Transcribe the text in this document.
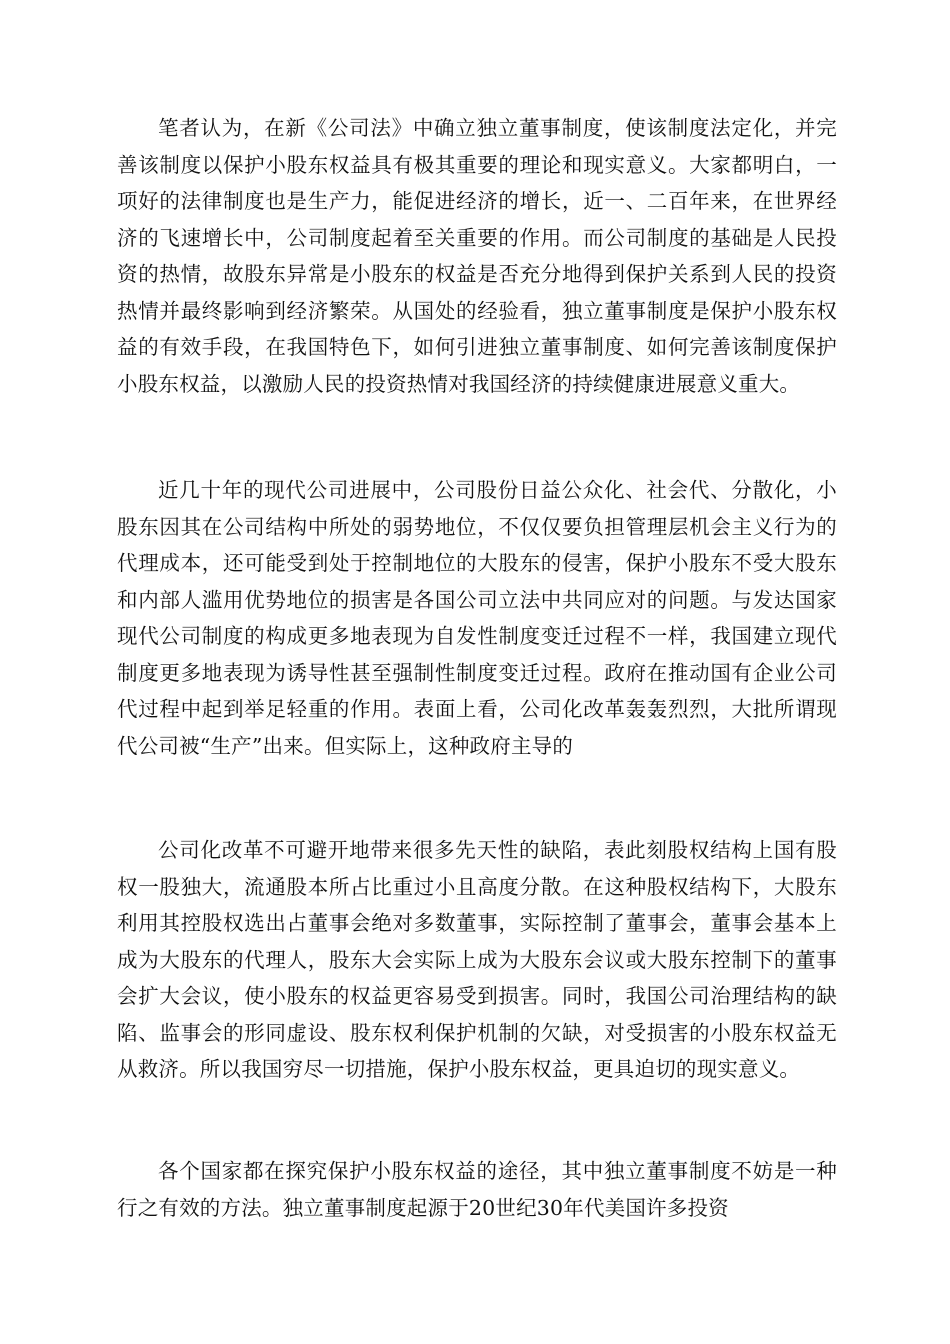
笔者认为，在新《公司法》中确立独立董事制度，使该制度法定化，并完善该制度以保护小股东权益具有极其重要的理论和现实意义。大家都明白，一项好的法律制度也是生产力，能促进经济的增长，近一、二百年来，在世界经济的飞速增长中，公司制度起着至关重要的作用。而公司制度的基础是人民投资的热情，故股东异常是小股东的权益是否充分地得到保护关系到人民的投资热情并最终影响到经济繁荣。从国处的经验看，独立董事制度是保护小股东权益的有效手段，在我国特色下，如何引进独立董事制度、如何完善该制度保护小股东权益，以激励人民的投资热情对我国经济的持续健康进展意义重大。

近几十年的现代公司进展中，公司股份日益公众化、社会代、分散化，小股东因其在公司结构中所处的弱势地位，不仅仅要负担管理层机会主义行为的代理成本，还可能受到处于控制地位的大股东的侵害，保护小股东不受大股东和内部人滥用优势地位的损害是各国公司立法中共同应对的问题。与发达国家现代公司制度的构成更多地表现为自发性制度变迁过程不一样，我国建立现代制度更多地表现为诱导性甚至强制性制度变迁过程。政府在推动国有企业公司代过程中起到举足轻重的作用。表面上看，公司化改革轰轰烈烈，大批所谓现代公司被“生产”出来。但实际上，这种政府主导的

公司化改革不可避开地带来很多先天性的缺陷，表此刻股权结构上国有股权一股独大，流通股本所占比重过小且高度分散。在这种股权结构下，大股东利用其控股权选出占董事会绝对多数董事，实际控制了董事会，董事会基本上成为大股东的代理人，股东大会实际上成为大股东会议或大股东控制下的董事会扩大会议，使小股东的权益更容易受到损害。同时，我国公司治理结构的缺陷、监事会的形同虚设、股东权利保护机制的欠缺，对受损害的小股东权益无从救济。所以我国穷尽一切措施，保护小股东权益，更具迫切的现实意义。

各个国家都在探究保护小股东权益的途径，其中独立董事制度不妨是一种行之有效的方法。独立董事制度起源于20世纪30年代美国许多投资
